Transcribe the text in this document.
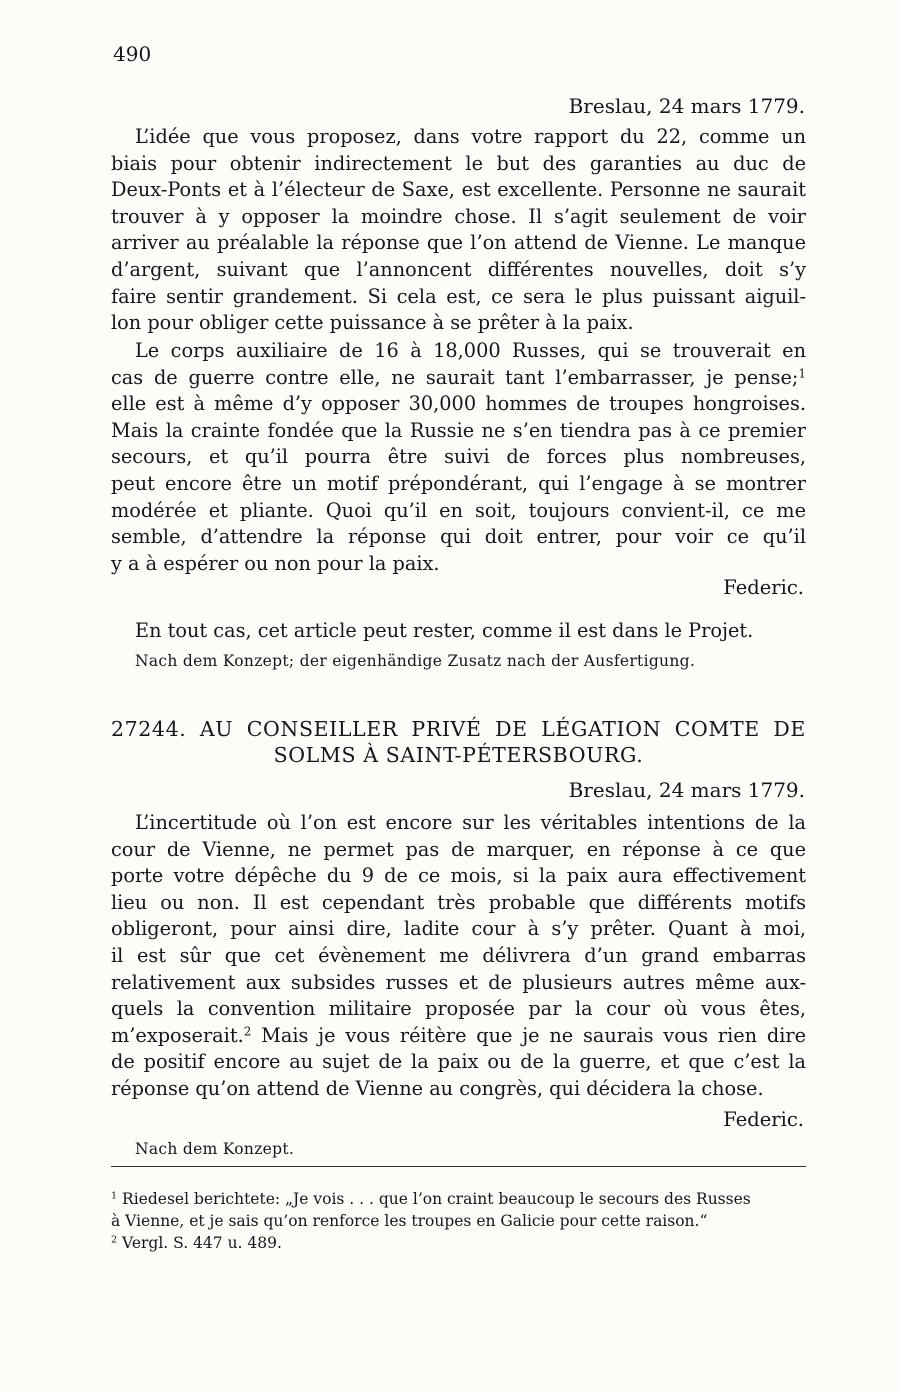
490
Breslau, 24 mars 1779.
L’idée que vous proposez, dans votre rapport du 22, comme un
biais pour obtenir indirectement le but des garanties au duc de
Deux-Ponts et à l’électeur de Saxe, est excellente. Personne ne saurait
trouver à y opposer la moindre chose. Il s’agit seulement de voir
arriver au préalable la réponse que l’on attend de Vienne. Le manque
d’argent, suivant que l’annoncent différentes nouvelles, doit s’y
faire sentir grandement. Si cela est, ce sera le plus puissant aiguil-
lon pour obliger cette puissance à se prêter à la paix.
Le corps auxiliaire de 16 à 18,000 Russes, qui se trouverait en
cas de guerre contre elle, ne saurait tant l’embarrasser, je pense;$^1$
elle est à même d’y opposer 30,000 hommes de troupes hongroises.
Mais la crainte fondée que la Russie ne s’en tiendra pas à ce premier
secours, et qu’il pourra être suivi de forces plus nombreuses,
peut encore être un motif prépondérant, qui l’engage à se montrer
modérée et pliante. Quoi qu’il en soit, toujours convient-il, ce me
semble, d’attendre la réponse qui doit entrer, pour voir ce qu’il
y a à espérer ou non pour la paix.
Federic.
En tout cas, cet article peut rester, comme il est dans le Projet.
Nach dem Konzept; der eigenhändige Zusatz nach der Ausfertigung.
27244. AU CONSEILLER PRIVÉ DE LÉGATION COMTE DE
SOLMS À SAINT-PÉTERSBOURG.
Breslau, 24 mars 1779.
L’incertitude où l’on est encore sur les véritables intentions de la
cour de Vienne, ne permet pas de marquer, en réponse à ce que
porte votre dépêche du 9 de ce mois, si la paix aura effectivement
lieu ou non. Il est cependant très probable que différents motifs
obligeront, pour ainsi dire, ladite cour à s’y prêter. Quant à moi,
il est sûr que cet évènement me délivrera d’un grand embarras
relativement aux subsides russes et de plusieurs autres même aux-
quels la convention militaire proposée par la cour où vous êtes,
m’exposerait.$^2$ Mais je vous réitère que je ne saurais vous rien dire
de positif encore au sujet de la paix ou de la guerre, et que c’est la
réponse qu’on attend de Vienne au congrès, qui décidera la chose.
Federic.
Nach dem Konzept.
$^1$ Riedesel berichtete: „Je vois . . . que l’on craint beaucoup le secours des Russes
à Vienne, et je sais qu’on renforce les troupes en Galicie pour cette raison.“
$^2$ Vergl. S. 447 u. 489.
